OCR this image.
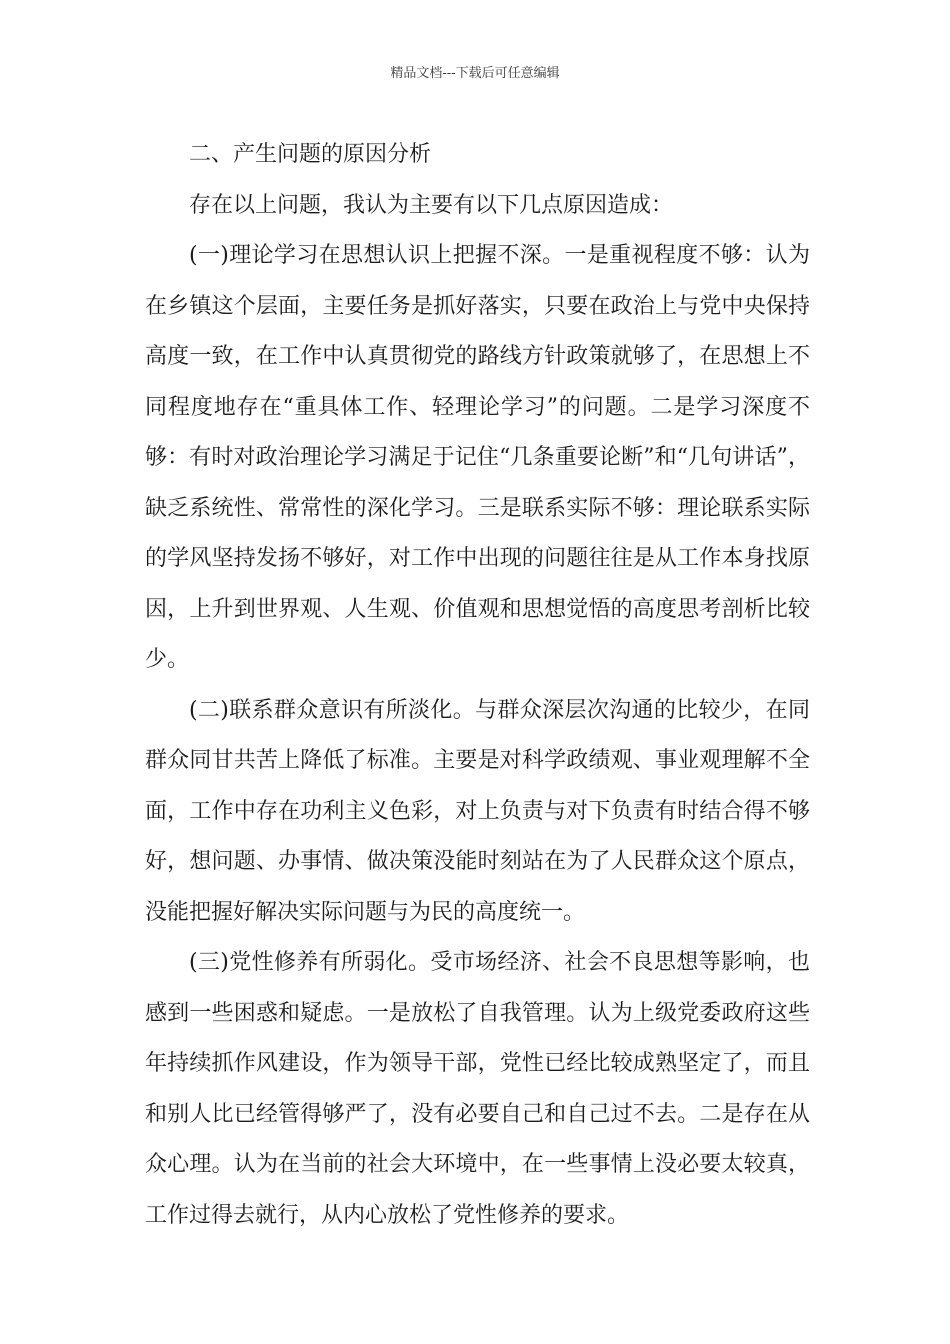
精品文档---下载后可任意编辑

二、产生问题的原因分析

存在以上问题，我认为主要有以下几点原因造成：

(一)理论学习在思想认识上把握不深。一是重视程度不够：认为在乡镇这个层面，主要任务是抓好落实，只要在政治上与党中央保持高度一致，在工作中认真贯彻党的路线方针政策就够了，在思想上不同程度地存在“重具体工作、轻理论学习”的问题。二是学习深度不够：有时对政治理论学习满足于记住“几条重要论断”和“几句讲话”，缺乏系统性、常常性的深化学习。三是联系实际不够：理论联系实际的学风坚持发扬不够好，对工作中出现的问题往往是从工作本身找原因，上升到世界观、人生观、价值观和思想觉悟的高度思考剖析比较少。

(二)联系群众意识有所淡化。与群众深层次沟通的比较少，在同群众同甘共苦上降低了标准。主要是对科学政绩观、事业观理解不全面，工作中存在功利主义色彩，对上负责与对下负责有时结合得不够好，想问题、办事情、做决策没能时刻站在为了人民群众这个原点，没能把握好解决实际问题与为民的高度统一。

(三)党性修养有所弱化。受市场经济、社会不良思想等影响，也感到一些困惑和疑虑。一是放松了自我管理。认为上级党委政府这些年持续抓作风建设，作为领导干部，党性已经比较成熟坚定了，而且和别人比已经管得够严了，没有必要自己和自己过不去。二是存在从众心理。认为在当前的社会大环境中，在一些事情上没必要太较真，工作过得去就行，从内心放松了党性修养的要求。
